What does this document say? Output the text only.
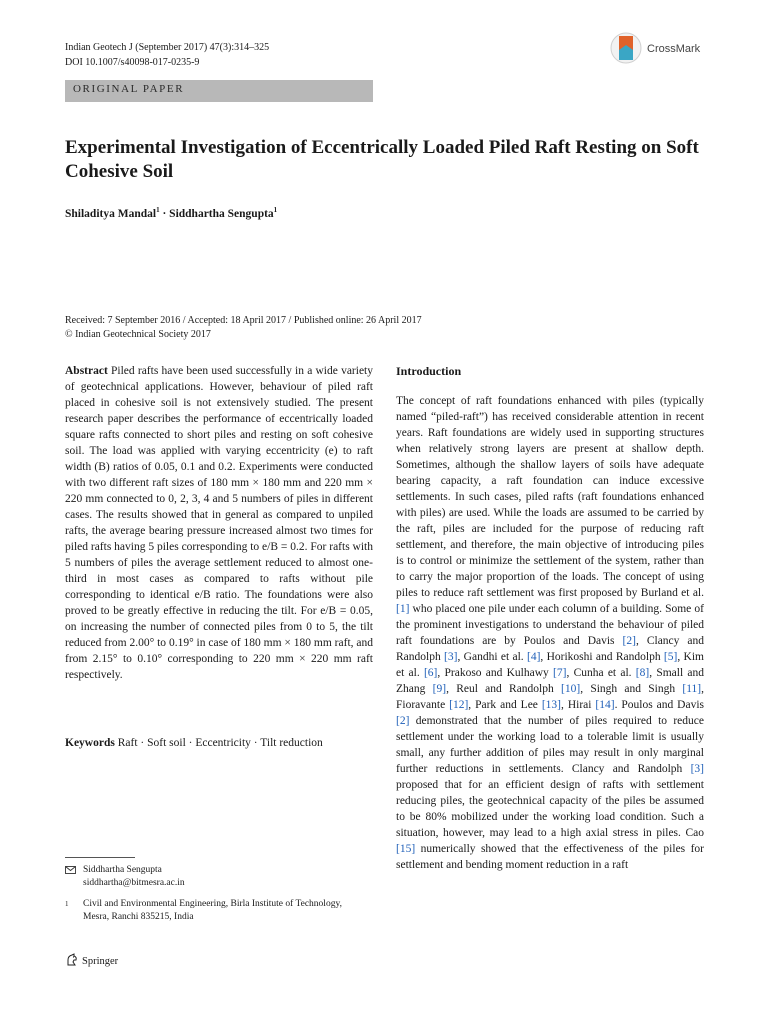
Indian Geotech J (September 2017) 47(3):314–325
DOI 10.1007/s40098-017-0235-9
CrossMark
ORIGINAL PAPER
Experimental Investigation of Eccentrically Loaded Piled Raft Resting on Soft Cohesive Soil
Shiladitya Mandal$^1$ · Siddhartha Sengupta$^1$
Received: 7 September 2016 / Accepted: 18 April 2017 / Published online: 26 April 2017
© Indian Geotechnical Society 2017
Abstract Piled rafts have been used successfully in a wide variety of geotechnical applications. However, behaviour of piled raft placed in cohesive soil is not extensively studied. The present research paper describes the performance of eccentrically loaded square rafts connected to short piles and resting on soft cohesive soil. The load was applied with varying eccentricity (e) to raft width (B) ratios of 0.05, 0.1 and 0.2. Experiments were conducted with two different raft sizes of 180 mm × 180 mm and 220 mm × 220 mm connected to 0, 2, 3, 4 and 5 numbers of piles in different cases. The results showed that in general as compared to unpiled rafts, the average bearing pressure increased almost two times for piled rafts having 5 piles corresponding to e/B = 0.2. For rafts with 5 numbers of piles the average settlement reduced to almost one-third in most cases as compared to rafts without pile corresponding to identical e/B ratio. The foundations were also proved to be greatly effective in reducing the tilt. For e/B = 0.05, on increasing the number of connected piles from 0 to 5, the tilt reduced from 2.00° to 0.19° in case of 180 mm × 180 mm raft, and from 2.15° to 0.10° corresponding to 220 mm × 220 mm raft respectively.
Keywords Raft · Soft soil · Eccentricity · Tilt reduction
Introduction
The concept of raft foundations enhanced with piles (typically named “piled-raft”) has received considerable attention in recent years. Raft foundations are widely used in supporting structures when relatively strong layers are present at shallow depth. Sometimes, although the shallow layers of soils have adequate bearing capacity, a raft foundation can induce excessive settlements. In such cases, piled rafts (raft foundations enhanced with piles) are used. While the loads are assumed to be carried by the raft, piles are included for the purpose of reducing raft settlement, and therefore, the main objective of introducing piles is to control or minimize the settlement of the system, rather than to carry the major proportion of the loads. The concept of using piles to reduce raft settlement was first proposed by Burland et al. [1] who placed one pile under each column of a building. Some of the prominent investigations to understand the behaviour of piled raft foundations are by Poulos and Davis [2], Clancy and Randolph [3], Gandhi et al. [4], Horikoshi and Randolph [5], Kim et al. [6], Prakoso and Kulhawy [7], Cunha et al. [8], Small and Zhang [9], Reul and Randolph [10], Singh and Singh [11], Fioravante [12], Park and Lee [13], Hirai [14]. Poulos and Davis [2] demonstrated that the number of piles required to reduce settlement under the working load to a tolerable limit is usually small, any further addition of piles may result in only marginal further reductions in settlements. Clancy and Randolph [3] proposed that for an efficient design of rafts with settlement reducing piles, the geotechnical capacity of the piles be assumed to be 80% mobilized under the working load condition. Such a situation, however, may lead to a high axial stress in piles. Cao [15] numerically showed that the effectiveness of the piles for settlement and bending moment reduction in a raft
Siddhartha Sengupta
siddhartha@bitmesra.ac.in
1 Civil and Environmental Engineering, Birla Institute of Technology, Mesra, Ranchi 835215, India
Springer
